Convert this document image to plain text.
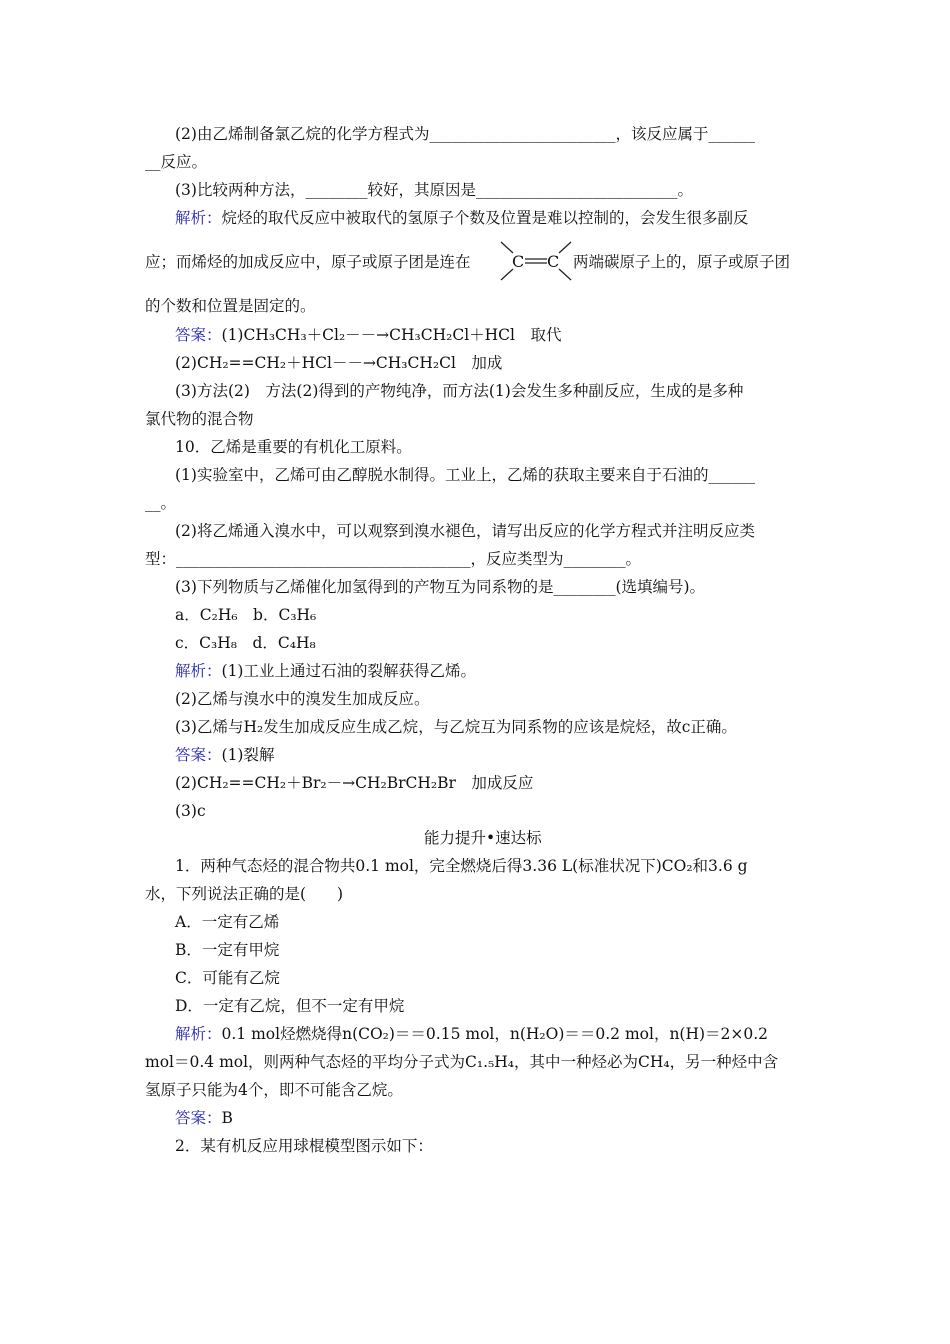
(2)由乙烯制备氯乙烷的化学方程式为________________________，该反应属于______
__反应。
(3)比较两种方法，________较好，其原因是__________________________。
解析：烷烃的取代反应中被取代的氢原子个数及位置是难以控制的，会发生很多副反
应；而烯烃的加成反应中，原子或原子团是连在	C C 两端碳原子上的，原子或原子团
的个数和位置是固定的。
答案：(1)CH₃CH₃＋Cl₂－－→CH₃CH₂Cl＋HCl　取代
(2)CH₂==CH₂＋HCl－－→CH₃CH₂Cl　加成
(3)方法(2)　方法(2)得到的产物纯净，而方法(1)会发生多种副反应，生成的是多种
氯代物的混合物
10．乙烯是重要的有机化工原料。
(1)实验室中，乙烯可由乙醇脱水制得。工业上，乙烯的获取主要来自于石油的______
__。
(2)将乙烯通入溴水中，可以观察到溴水褪色，请写出反应的化学方程式并注明反应类
型：______________________________________，反应类型为________。
(3)下列物质与乙烯催化加氢得到的产物互为同系物的是________(选填编号)。
a．C₂H₆　b．C₃H₆
c．C₃H₈　d．C₄H₈
解析：(1)工业上通过石油的裂解获得乙烯。
(2)乙烯与溴水中的溴发生加成反应。
(3)乙烯与H₂发生加成反应生成乙烷，与乙烷互为同系物的应该是烷烃，故c正确。
答案：(1)裂解
(2)CH₂==CH₂＋Br₂－→CH₂BrCH₂Br　加成反应
(3)c
能力提升•速达标
1．两种气态烃的混合物共0.1 mol，完全燃烧后得3.36 L(标准状况下)CO₂和3.6 g
水，下列说法正确的是(　　)
A．一定有乙烯
B．一定有甲烷
C．可能有乙烷
D．一定有乙烷，但不一定有甲烷
解析：0.1 mol烃燃烧得n(CO₂)＝＝0.15 mol，n(H₂O)＝＝0.2 mol，n(H)＝2×0.2
mol＝0.4 mol，则两种气态烃的平均分子式为C₁.₅H₄，其中一种烃必为CH₄，另一种烃中含
氢原子只能为4个，即不可能含乙烷。
答案：B
2．某有机反应用球棍模型图示如下：
